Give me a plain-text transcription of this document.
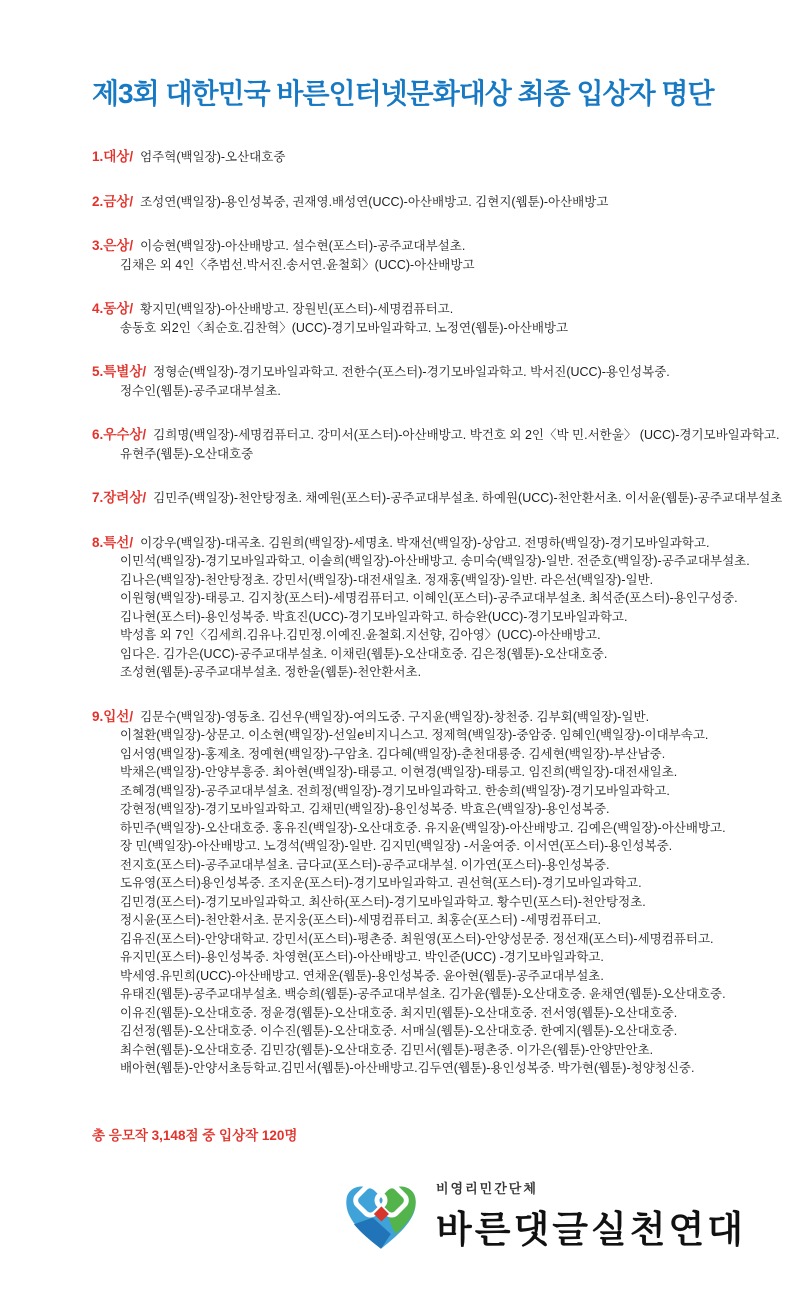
제3회 대한민국 바른인터넷문화대상 최종 입상자 명단
1.대상/ 엄주혁(백일장)-오산대호중
2.금상/ 조성연(백일장)-용인성복중, 권재영.배성연(UCC)-아산배방고. 김현지(웹툰)-아산배방고
3.은상/ 이승현(백일장)-아산배방고. 설수현(포스터)-공주교대부설초.
김채은 외 4인〈추범선.박서진.송서연.윤철회〉(UCC)-아산배방고
4.동상/ 황지민(백일장)-아산배방고. 장원빈(포스터)-세명컴퓨터고.
송동호 외2인〈최순호.김찬혁〉(UCC)-경기모바일과학고. 노정연(웹툰)-아산배방고
5.특별상/ 정형순(백일장)-경기모바일과학고. 전한수(포스터)-경기모바일과학고. 박서진(UCC)-용인성복중.
정수인(웹툰)-공주교대부설초.
6.우수상/ 김희명(백일장)-세명컴퓨터고. 강미서(포스터)-아산배방고. 박건호 외 2인〈박 민.서한울〉 (UCC)-경기모바일과학고.
유현주(웹툰)-오산대호중
7.장려상/ 김민주(백일장)-천안탕정초. 채예원(포스터)-공주교대부설초. 하예원(UCC)-천안환서초. 이서윤(웹툰)-공주교대부설초
8.특선/ 이강우(백일장)-대곡초. 김원희(백일장)-세명초. 박재선(백일장)-상암고. 전명하(백일장)-경기모바일과학고.
이민석(백일장)-경기모바일과학고. 이솔희(백일장)-아산배방고. 송미숙(백일장)-일반. 전준호(백일장)-공주교대부설초.
김나은(백일장)-천안탕정초. 강민서(백일장)-대전새일초. 정재홍(백일장)-일반. 라은선(백일장)-일반.
이원형(백일장)-태릉고. 김지창(포스터)-세명컴퓨터고. 이혜인(포스터)-공주교대부설초. 최석준(포스터)-용인구성중.
김나현(포스터)-용인성복중. 박효진(UCC)-경기모바일과학고. 하승완(UCC)-경기모바일과학고.
박성흠 외 7인〈김세희.김유나.김민정.이예진.윤철회.지선향, 김아영〉(UCC)-아산배방고.
임다은. 김가은(UCC)-공주교대부설초. 이채린(웹툰)-오산대호중. 김은정(웹툰)-오산대호중.
조성현(웹툰)-공주교대부설초. 정한울(웹툰)-천안환서초.
9.입선/ 김문수(백일장)-영동초. 김선우(백일장)-여의도중. 구지윤(백일장)-창천중. 김부회(백일장)-일반.
이철환(백일장)-상문고. 이소현(백일장)-선일e비지니스고. 정제혁(백일장)-중암중. 임혜인(백일장)-이대부속고.
임서영(백일장)-홍제초. 정예현(백일장)-구암초. 김다혜(백일장)-춘천대룡중. 김세현(백일장)-부산남중.
박채은(백일장)-안양부흥중. 최아현(백일장)-태릉고. 이현경(백일장)-태릉고. 임진희(백일장)-대전새일초.
조혜경(백일장)-공주교대부설초. 전희정(백일장)-경기모바일과학고. 한송희(백일장)-경기모바일과학고.
강현정(백일장)-경기모바일과학고. 김채민(백일장)-용인성복중. 박효은(백일장)-용인성복중.
하민주(백일장)-오산대호중. 홍유진(백일장)-오산대호중. 유지윤(백일장)-아산배방고. 김예은(백일장)-아산배방고.
장 민(백일장)-아산배방고. 노경석(백일장)-일반. 김지민(백일장) -서울여중. 이서연(포스터)-용인성복중.
전지호(포스터)-공주교대부설초. 금다교(포스터)-공주교대부설. 이가연(포스터)-용인성복중.
도유영(포스터)용인성복중. 조지운(포스터)-경기모바일과학고. 권선혁(포스터)-경기모바일과학고.
김민경(포스터)-경기모바일과학고. 최산하(포스터)-경기모바일과학고. 황수민(포스터)-천안탕정초.
정시윤(포스터)-천안환서초. 문지웅(포스터)-세명컴퓨터고. 최홍순(포스터) -세명컴퓨터고.
김유진(포스터)-안양대학교. 강민서(포스터)-평촌중. 최원영(포스터)-안양성문중. 정선재(포스터)-세명컴퓨터고.
유지민(포스터)-용인성복중. 차영현(포스터)-아산배방고. 박인준(UCC) -경기모바일과학고.
박세영.유민희(UCC)-아산배방고. 연채운(웹툰)-용인성복중. 윤아현(웹툰)-공주교대부설초.
유태진(웹툰)-공주교대부설초. 백승희(웹툰)-공주교대부설초. 김가윤(웹툰)-오산대호중. 윤채연(웹툰)-오산대호중.
이유진(웹툰)-오산대호중. 정윤경(웹툰)-오산대호중. 최지민(웹툰)-오산대호중. 전서영(웹툰)-오산대호중.
김선정(웹툰)-오산대호중. 이수진(웹툰)-오산대호중. 서매실(웹툰)-오산대호중. 한예지(웹툰)-오산대호중.
최수현(웹툰)-오산대호중. 김민강(웹툰)-오산대호중. 김민서(웹툰)-평촌중. 이가은(웹툰)-안양만안초.
배아현(웹툰)-안양서초등학교.김민서(웹툰)-아산배방고.김두연(웹툰)-용인성복중. 박가현(웹툰)-청양청신중.
총 응모작 3,148점 중 입상작 120명
비영리민간단체
바른댓글실천연대
